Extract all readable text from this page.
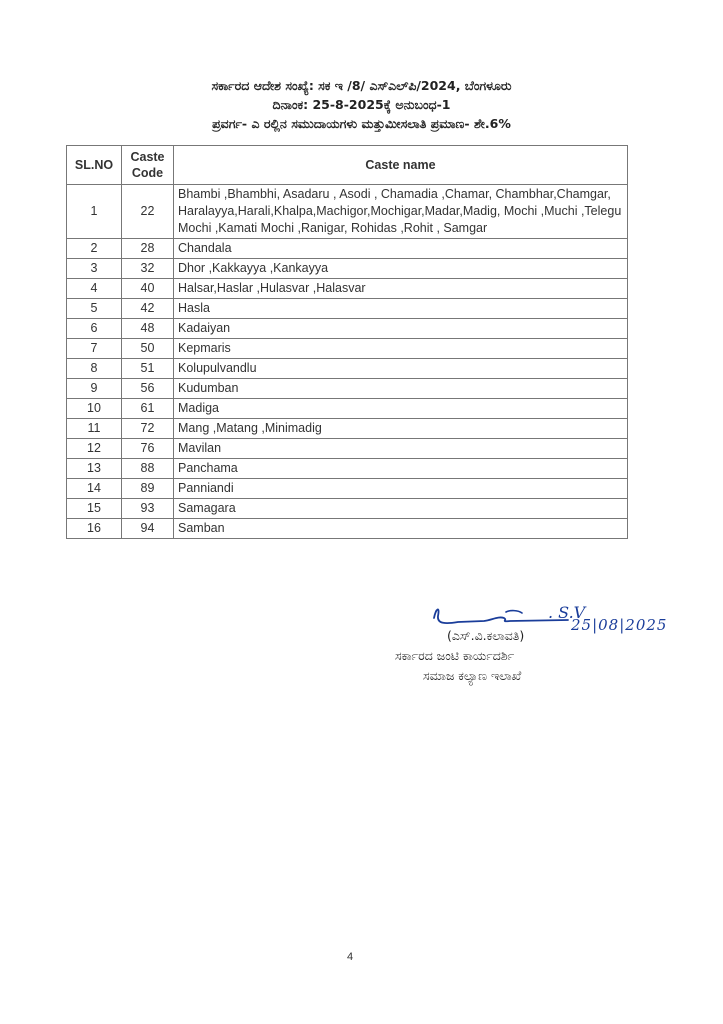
ಸರ್ಕಾರದ ಆದೇಶ ಸಂಖ್ಯೆ: ಸಕ ಇ /8/ ಎಸ್‌ಎಲ್‌ಪಿ/2024, ಬೆಂಗಳೂರು
ದಿನಾಂಕ: 25-8-2025ಕ್ಕೆ ಅನುಬಂಧ-1
ಪ್ರವರ್ಗ- ಎ ರಲ್ಲಿನ ಸಮುದಾಯಗಳು ಮತ್ತುಮೀಸಲಾತಿ ಪ್ರಮಾಣ- ಶೇ.6%
SL.NO	Caste Code	Caste name
1	22	Bhambi ,Bhambhi, Asadaru , Asodi , Chamadia ,Chamar, Chambhar,Chamgar, Haralayya,Harali,Khalpa,Machigor,Mochigar,Madar,Madig, Mochi ,Muchi ,Telegu Mochi ,Kamati Mochi ,Ranigar, Rohidas ,Rohit , Samgar
2	28	Chandala
3	32	Dhor ,Kakkayya ,Kankayya
4	40	Halsar,Haslar ,Hulasvar ,Halasvar
5	42	Hasla
6	48	Kadaiyan
7	50	Kepmaris
8	51	Kolupulvandlu
9	56	Kudumban
10	61	Madiga
11	72	Mang ,Matang ,Minimadig
12	76	Mavilan
13	88	Panchama
14	89	Panniandi
15	93	Samagara
16	94	Samban
. S.V
25|08|2025
(ಎಸ್.ವಿ.ಕಲಾವತಿ)
ಸರ್ಕಾರದ ಜಂಟಿ ಕಾರ್ಯದರ್ಶಿ
ಸಮಾಜ ಕಲ್ಯಾಣ ಇಲಾಖೆ
4
